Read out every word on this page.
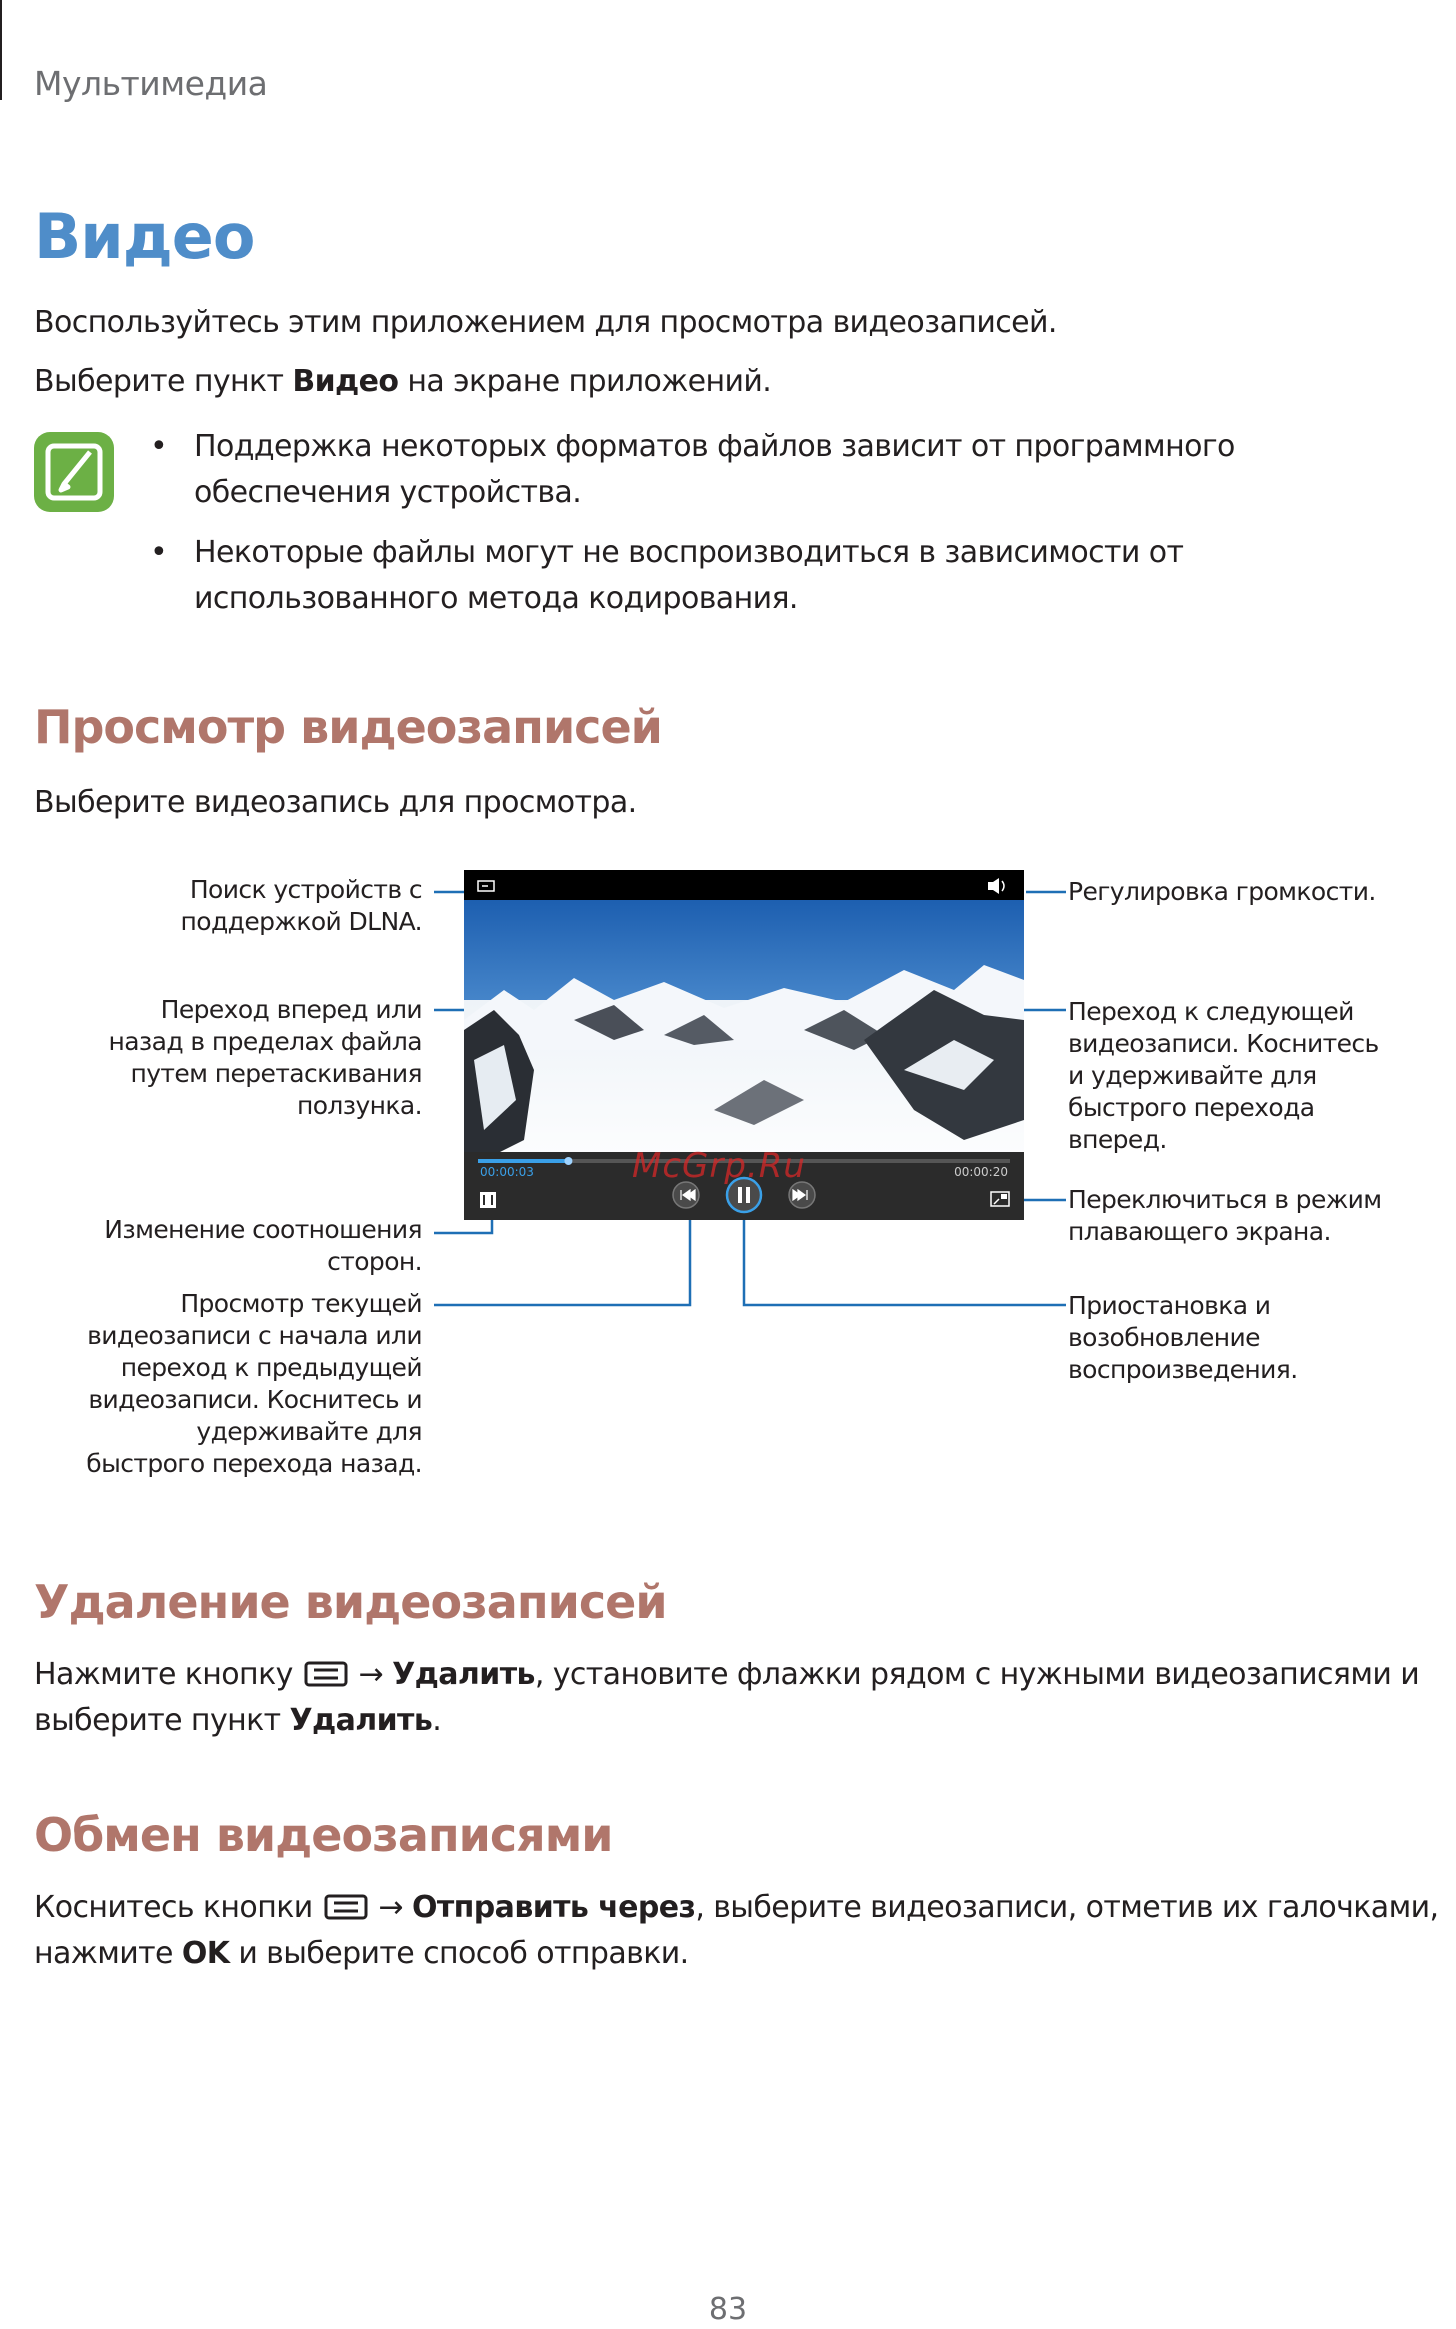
Мультимедиа
Видео
Воспользуйтесь этим приложением для просмотра видеозаписей.
Выберите пункт Видео на экране приложений.
• Поддержка некоторых форматов файлов зависит от программного обеспечения устройства.
• Некоторые файлы могут не воспроизводиться в зависимости от использованного метода кодирования.
Просмотр видеозаписей
Выберите видеозапись для просмотра.
00:00:03	00:00:20
McGrp.Ru
Поиск устройств с поддержкой DLNA.
Переход вперед или назад в пределах файла путем перетаскивания ползунка.
Изменение соотношения сторон.
Просмотр текущей видеозаписи с начала или переход к предыдущей видеозаписи. Коснитесь и удерживайте для быстрого перехода назад.
Регулировка громкости.
Переход к следующей видеозаписи. Коснитесь и удерживайте для быстрого перехода вперед.
Переключиться в режим плавающего экрана.
Приостановка и возобновление воспроизведения.
Удаление видеозаписей
Нажмите кнопку  → Удалить, установите флажки рядом с нужными видеозаписями и выберите пункт Удалить.
Обмен видеозаписями
Коснитесь кнопки  → Отправить через, выберите видеозаписи, отметив их галочками, нажмите OK и выберите способ отправки.
83
